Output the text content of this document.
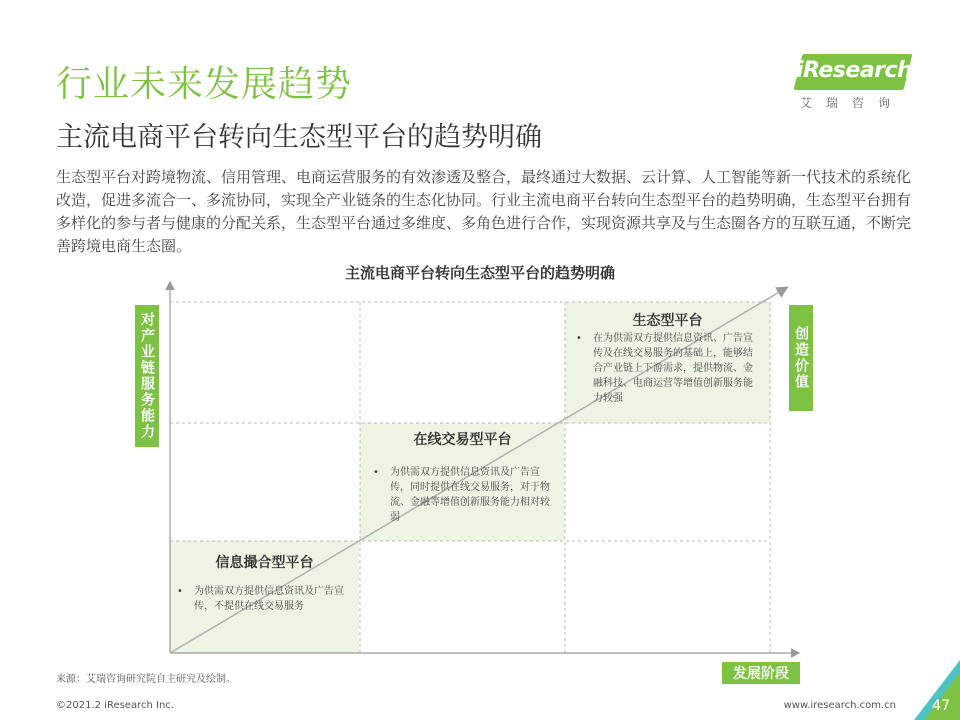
行业未来发展趋势
主流电商平台转向生态型平台的趋势明确
iResearch
艾瑞咨询
生态型平台对跨境物流、信用管理、电商运营服务的有效渗透及整合，最终通过大数据、云计算、人工智能等新一代技术的系统化改造，促进多流合一、多流协同，实现全产业链条的生态化协同。行业主流电商平台转向生态型平台的趋势明确，生态型平台拥有多样化的参与者与健康的分配关系，生态型平台通过多维度、多角色进行合作，实现资源共享及与生态圈各方的互联互通，不断完善跨境电商生态圈。
主流电商平台转向生态型平台的趋势明确
对产业链服务能力	创造价值
发展阶段
信息撮合型平台
• 为供需双方提供信息资讯及广告宣传，不提供在线交易服务
在线交易型平台
• 为供需双方提供信息资讯及广告宣传，同时提供在线交易服务，对于物流、金融等增值创新服务能力相对较弱
生态型平台
• 在为供需双方提供信息资讯、广告宣传及在线交易服务的基础上，能够结合产业链上下游需求，提供物流、金融科技、电商运营等增值创新服务能力较强
来源：艾瑞咨询研究院自主研究及绘制。
©2021.2 iResearch Inc.	www.iresearch.com.cn	47
